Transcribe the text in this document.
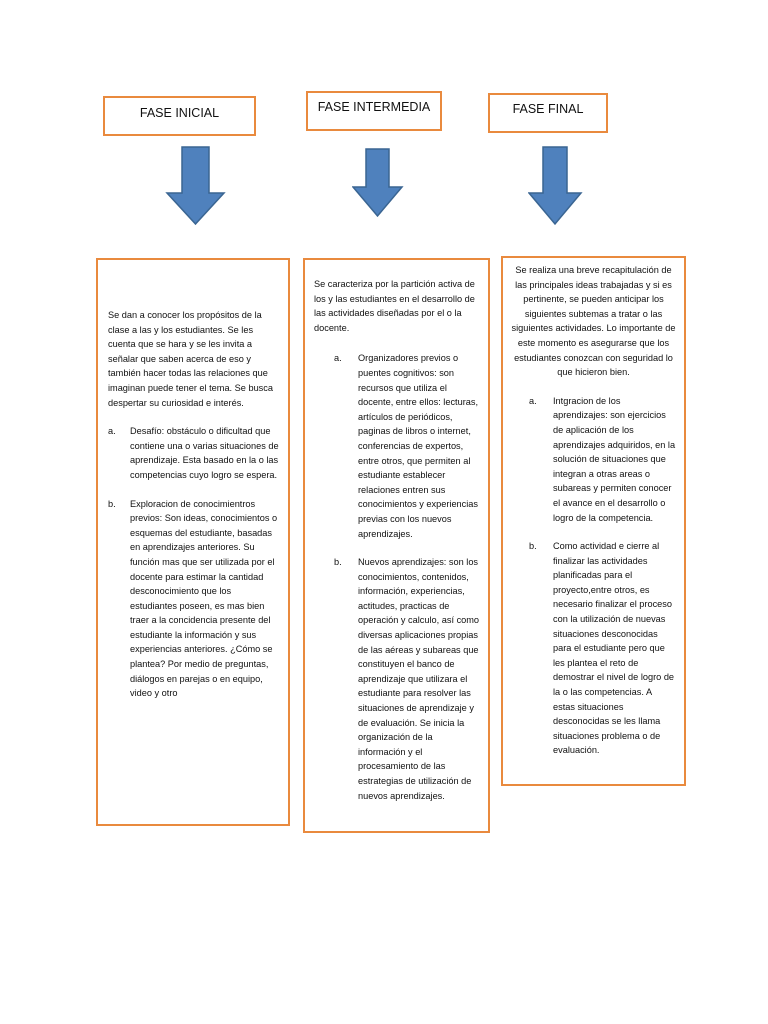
FASE INICIAL	FASE INTERMEDIA	FASE FINAL

Se dan a conocer los propósitos de la clase a las y los estudiantes. Se les cuenta que se hara y se les invita a señalar que saben acerca de eso y también hacer todas las relaciones que imaginan puede tener el tema. Se busca despertar su curiosidad e interés.

a. Desafío: obstáculo o dificultad que contiene una o varias situaciones de aprendizaje. Esta basado en la o las competencias cuyo logro se espera.
b. Exploracion de conocimientros previos: Son ideas, conocimientos o esquemas del estudiante, basadas en aprendizajes anteriores. Su función mas que ser utilizada por el docente para estimar la cantidad desconocimiento que los estudiantes poseen, es mas bien traer a la concidencia presente del estudiante la información y sus experiencias anteriores. ¿Cómo se plantea? Por medio de preguntas, diálogos en parejas o en equipo, video y otro

Se caracteriza por la partición activa de los y las estudiantes en el desarrollo de las actividades diseñadas por el o la docente.

a. Organizadores previos o puentes cognitivos: son recursos que utiliza el docente, entre ellos: lecturas, artículos de periódicos, paginas de libros o internet, conferencias de expertos, entre otros, que permiten al estudiante establecer relaciones entren sus conocimientos y experiencias previas con los nuevos aprendizajes.
b. Nuevos aprendizajes: son los conocimientos, contenidos, información, experiencias, actitudes, practicas de operación y calculo, así como diversas aplicaciones propias de las aéreas y subareas que constituyen el banco de aprendizaje que utilizara el estudiante para resolver las situaciones de aprendizaje y de evaluación. Se inicia la organización de la información y el procesamiento de las estrategias de utilización de nuevos aprendizajes.

Se realiza una breve recapitulación de las principales ideas trabajadas y si es pertinente, se pueden anticipar los siguientes subtemas a tratar o las siguientes actividades. Lo importante de este momento es asegurarse que los estudiantes conozcan con seguridad lo que hicieron bien.

a. Intgracion de los aprendizajes: son ejercicios de aplicación de los aprendizajes adquiridos, en la solución de situaciones que integran a otras areas o subareas y permiten conocer el avance en el desarrollo o logro de la competencia.
b. Como actividad e cierre al finalizar las actividades planificadas para el proyecto,entre otros, es necesario finalizar el proceso con la utilización de nuevas situaciones desconocidas para el estudiante pero que les plantea el reto de demostrar el nivel de logro de la o las competencias. A estas situaciones desconocidas se les llama situaciones problema o de evaluación.
